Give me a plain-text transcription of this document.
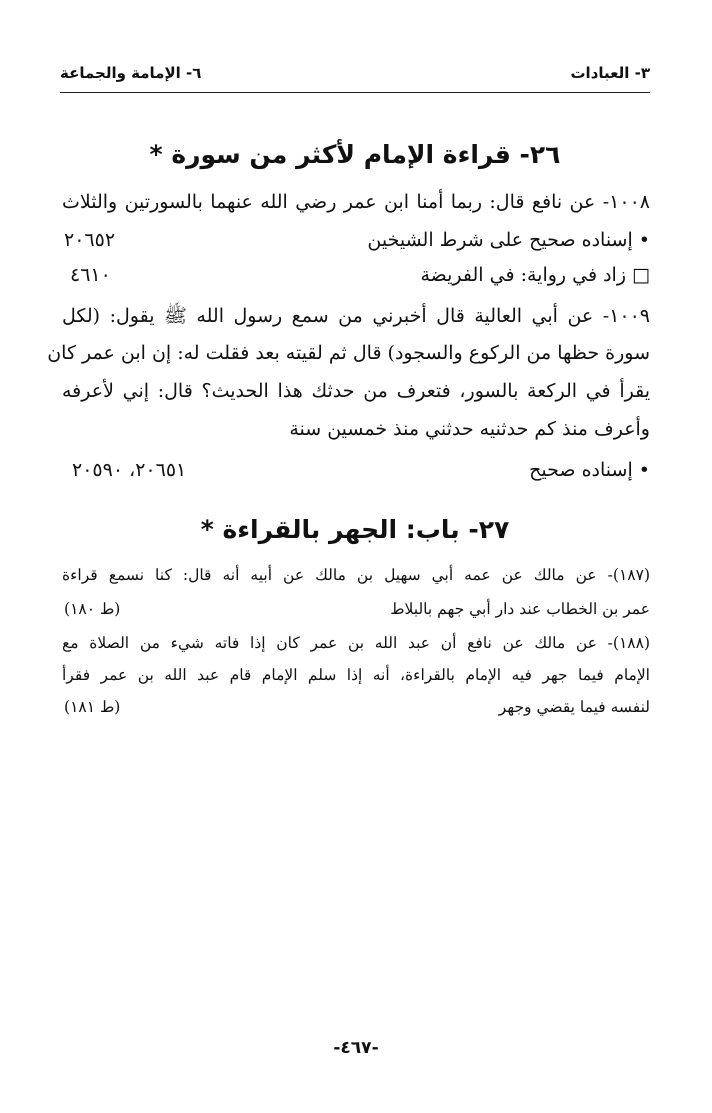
٣- العبادات
٦- الإمامة والجماعة
٢٦- قراءة الإمام لأكثر من سورة *
١٠٠٨- عن نافع قال: ربما أمنا ابن عمر رضي الله عنهما بالسورتين والثلاث
• إسناده صحيح على شرط الشيخين
٢٠٦٥٢
□ زاد في رواية: في الفريضة
٤٦١٠
١٠٠٩- عن أبي العالية قال أخبرني من سمع رسول الله ﷺ يقول: (لكل
سورة حظها من الركوع والسجود) قال ثم لقيته بعد فقلت له: إن ابن عمر كان
يقرأ في الركعة بالسور، فتعرف من حدثك هذا الحديث؟ قال: إني لأعرفه
وأعرف منذ كم حدثنيه حدثني منذ خمسين سنة
• إسناده صحيح
٢٠٦٥١، ٢٠٥٩٠
٢٧- باب: الجهر بالقراءة *
(١٨٧)- عن مالك عن عمه أبي سهيل بن مالك عن أبيه أنه قال: كنا نسمع قراءة
عمر بن الخطاب عند دار أبي جهم بالبلاط
(ط ١٨٠)
(١٨٨)- عن مالك عن نافع أن عبد الله بن عمر كان إذا فاته شيء من الصلاة مع
الإمام فيما جهر فيه الإمام بالقراءة، أنه إذا سلم الإمام قام عبد الله بن عمر فقرأ
لنفسه فيما يقضي وجهر
(ط ١٨١)
-٤٦٧-
